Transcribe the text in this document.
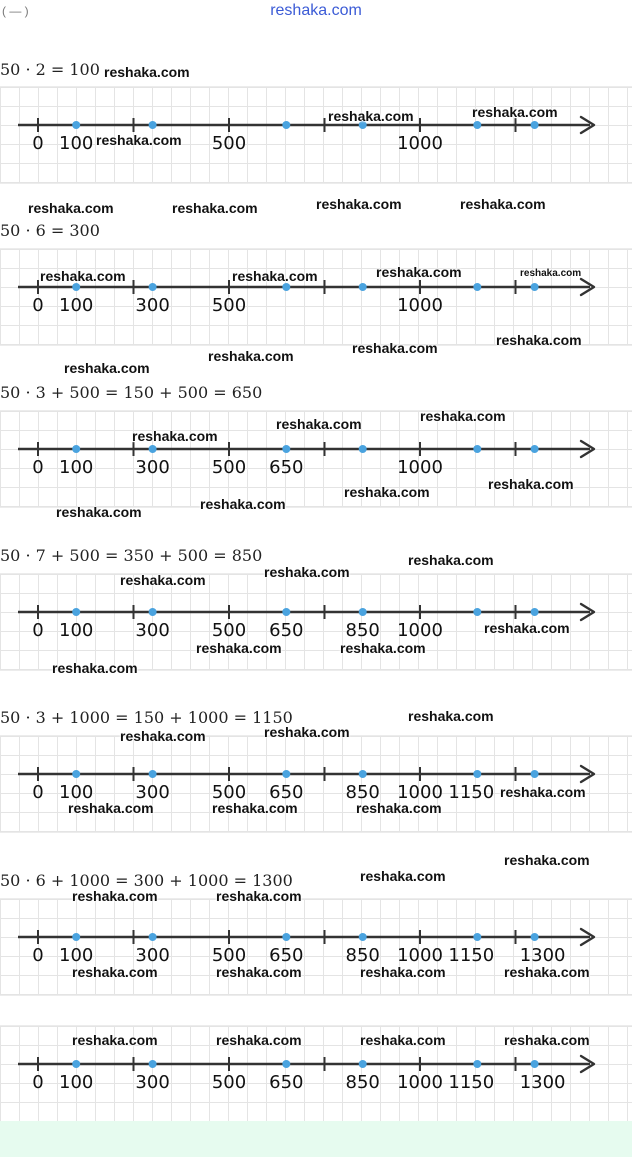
( — )	reshaka.com
50 · 2 = 100
50 · 6 = 300
50 · 3 + 500 = 150 + 500 = 650
50 · 7 + 500 = 350 + 500 = 850
50 · 3 + 1000 = 150 + 1000 = 1150
50 · 6 + 1000 = 300 + 1000 = 1300
0 100	500	1000
0 100 300 500	1000
0 100 300 500 650	1000
0 100 300 500 650 850 1000
0 100 300 500 650 850 1000 1150
0 100 300 500 650 850 1000 1150 1300
0 100 300 500 650 850 1000 1150 1300
reshaka.com
reshaka.com	reshaka.com
reshaka.com
reshaka.com	reshaka.com	reshaka.com	reshaka.com
reshaka.com	reshaka.com	reshaka.com	reshaka.com
reshaka.com
reshaka.com	reshaka.com	reshaka.com
reshaka.com	reshaka.com
reshaka.com
reshaka.com
reshaka.com	reshaka.com
reshaka.com
reshaka.com
reshaka.com
reshaka.com
reshaka.com
reshaka.com	reshaka.com
reshaka.com
reshaka.com
reshaka.com
reshaka.com
reshaka.com
reshaka.com	reshaka.com	reshaka.com
reshaka.com
reshaka.com
reshaka.com	reshaka.com
reshaka.com	reshaka.com	reshaka.com	reshaka.com
reshaka.com	reshaka.com	reshaka.com	reshaka.com
